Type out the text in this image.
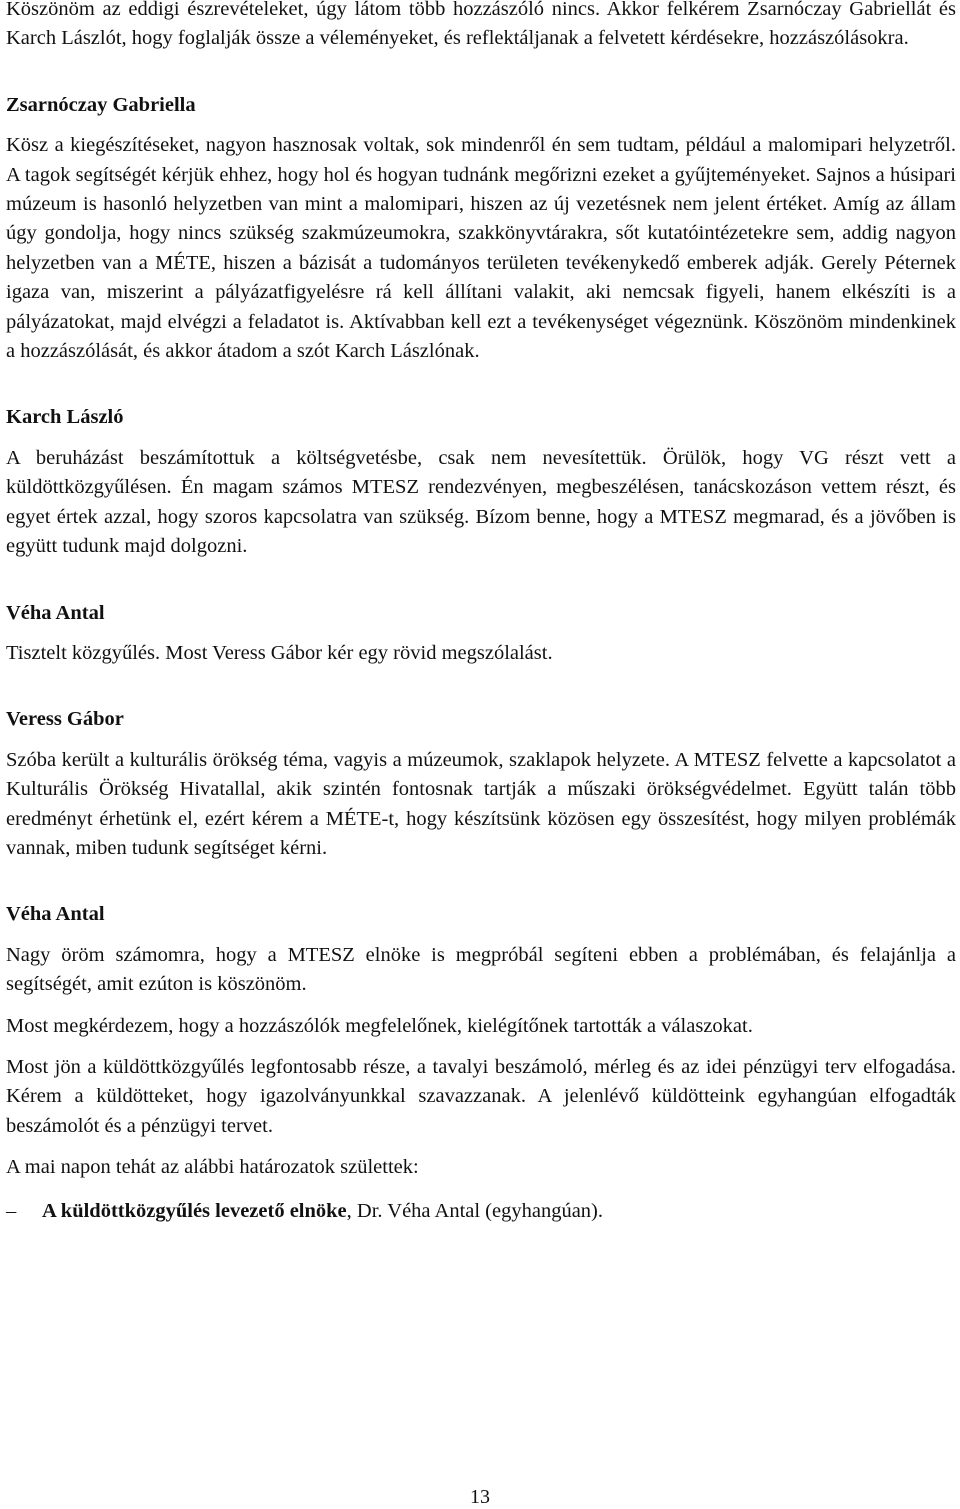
Köszönöm az eddigi észrevételeket, úgy látom több hozzászóló nincs. Akkor felkérem Zsarnóczay Gabriellát és Karch Lászlót, hogy foglalják össze a véleményeket, és reflektáljanak a felvetett kérdésekre, hozzászólásokra.

Zsarnóczay Gabriella

Kösz a kiegészítéseket, nagyon hasznosak voltak, sok mindenről én sem tudtam, például a malomipari helyzetről. A tagok segítségét kérjük ehhez, hogy hol és hogyan tudnánk megőrizni ezeket a gyűjteményeket. Sajnos a húsipari múzeum is hasonló helyzetben van mint a malomipari, hiszen az új vezetésnek nem jelent értéket. Amíg az állam úgy gondolja, hogy nincs szükség szakmúzeumokra, szakkönyvtárakra, sőt kutatóintézetekre sem, addig nagyon helyzetben van a MÉTE, hiszen a bázisát a tudományos területen tevékenykedő emberek adják. Gerely Péternek igaza van, miszerint a pályázatfigyelésre rá kell állítani valakit, aki nemcsak figyeli, hanem elkészíti is a pályázatokat, majd elvégzi a feladatot is. Aktívabban kell ezt a tevékenységet végeznünk. Köszönöm mindenkinek a hozzászólását, és akkor átadom a szót Karch Lászlónak.

Karch László

A beruházást beszámítottuk a költségvetésbe, csak nem nevesítettük. Örülök, hogy VG részt vett a küldöttközgyűlésen. Én magam számos MTESZ rendezvényen, megbeszélésen, tanácskozáson vettem részt, és egyet értek azzal, hogy szoros kapcsolatra van szükség. Bízom benne, hogy a MTESZ megmarad, és a jövőben is együtt tudunk majd dolgozni.

Véha Antal

Tisztelt közgyűlés. Most Veress Gábor kér egy rövid megszólalást.

Veress Gábor

Szóba került a kulturális örökség téma, vagyis a múzeumok, szaklapok helyzete. A MTESZ felvette a kapcsolatot a Kulturális Örökség Hivatallal, akik szintén fontosnak tartják a műszaki örökségvédelmet. Együtt talán több eredményt érhetünk el, ezért kérem a MÉTE-t, hogy készítsünk közösen egy összesítést, hogy milyen problémák vannak, miben tudunk segítséget kérni.

Véha Antal

Nagy öröm számomra, hogy a MTESZ elnöke is megpróbál segíteni ebben a problémában, és felajánlja a segítségét, amit ezúton is köszönöm.

Most megkérdezem, hogy a hozzászólók megfelelőnek, kielégítőnek tartották a válaszokat.

Most jön a küldöttközgyűlés legfontosabb része, a tavalyi beszámoló, mérleg és az idei pénzügyi terv elfogadása. Kérem a küldötteket, hogy igazolványunkkal szavazzanak. A jelenlévő küldötteink egyhangúan elfogadták beszámolót és a pénzügyi tervet.

A mai napon tehát az alábbi határozatok születtek:

– A küldöttközgyűlés levezető elnöke, Dr. Véha Antal (egyhangúan).

13
